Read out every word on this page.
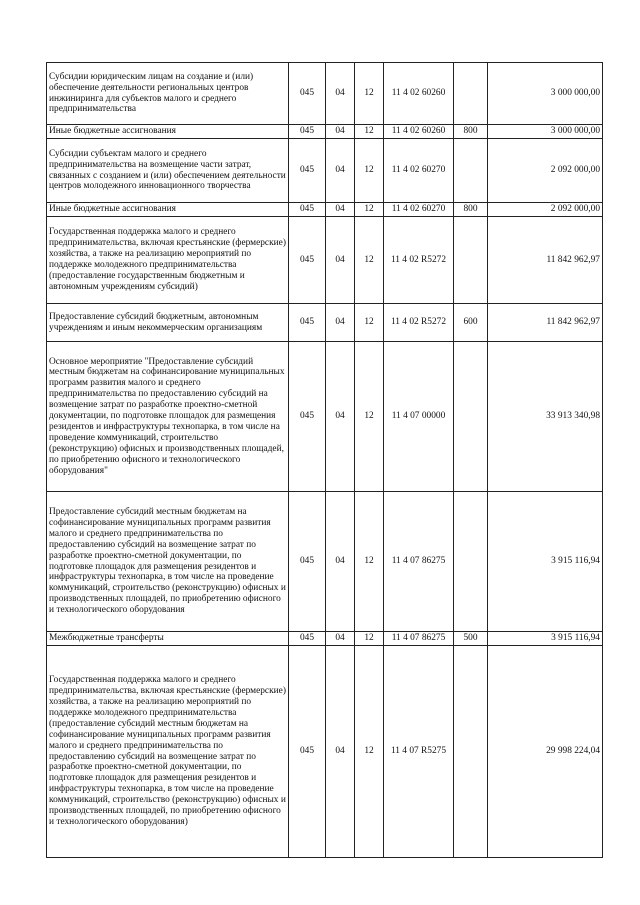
Субсидии юридическим лицам на создание и (или) обеспечение деятельности региональных центров инжиниринга для субъектов малого и среднего предпринимательства	045	04	12	11 4 02 60260		3 000 000,00
Иные бюджетные ассигнования	045	04	12	11 4 02 60260	800	3 000 000,00
Субсидии субъектам малого и среднего предпринимательства на возмещение части затрат, связанных с созданием и (или) обеспечением деятельности центров молодежного инновационного творчества	045	04	12	11 4 02 60270		2 092 000,00
Иные бюджетные ассигнования	045	04	12	11 4 02 60270	800	2 092 000,00
Государственная поддержка малого и среднего предпринимательства, включая крестьянские (фермерские) хозяйства, а также на реализацию мероприятий по поддержке молодежного предпринимательства (предоставление государственным бюджетным и автономным учреждениям субсидий)	045	04	12	11 4 02 R5272		11 842 962,97
Предоставление субсидий бюджетным, автономным учреждениям и иным некоммерческим организациям	045	04	12	11 4 02 R5272	600	11 842 962,97
Основное мероприятие "Предоставление субсидий местным бюджетам на софинансирование муниципальных программ развития малого и среднего предпринимательства по предоставлению субсидий на возмещение затрат по разработке проектно-сметной документации, по подготовке площадок для размещения резидентов и инфраструктуры технопарка, в том числе на проведение коммуникаций, строительство (реконструкцию) офисных и производственных площадей, по приобретению офисного и технологического оборудования"	045	04	12	11 4 07 00000		33 913 340,98
Предоставление субсидий местным бюджетам на софинансирование муниципальных программ развития малого и среднего предпринимательства по предоставлению субсидий на возмещение затрат по разработке проектно-сметной документации, по подготовке площадок для размещения резидентов и инфраструктуры технопарка, в том числе на проведение коммуникаций, строительство (реконструкцию) офисных и производственных площадей, по приобретению офисного и технологического оборудования	045	04	12	11 4 07 86275		3 915 116,94
Межбюджетные трансферты	045	04	12	11 4 07 86275	500	3 915 116,94
Государственная поддержка малого и среднего предпринимательства, включая крестьянские (фермерские) хозяйства, а также на реализацию мероприятий по поддержке молодежного предпринимательства (предоставление субсидий местным бюджетам на софинансирование муниципальных программ развития малого и среднего предпринимательства по предоставлению субсидий на возмещение затрат по разработке проектно-сметной документации, по подготовке площадок для размещения резидентов и инфраструктуры технопарка, в том числе на проведение коммуникаций, строительство (реконструкцию) офисных и производственных площадей, по приобретению офисного и технологического оборудования)	045	04	12	11 4 07 R5275		29 998 224,04
